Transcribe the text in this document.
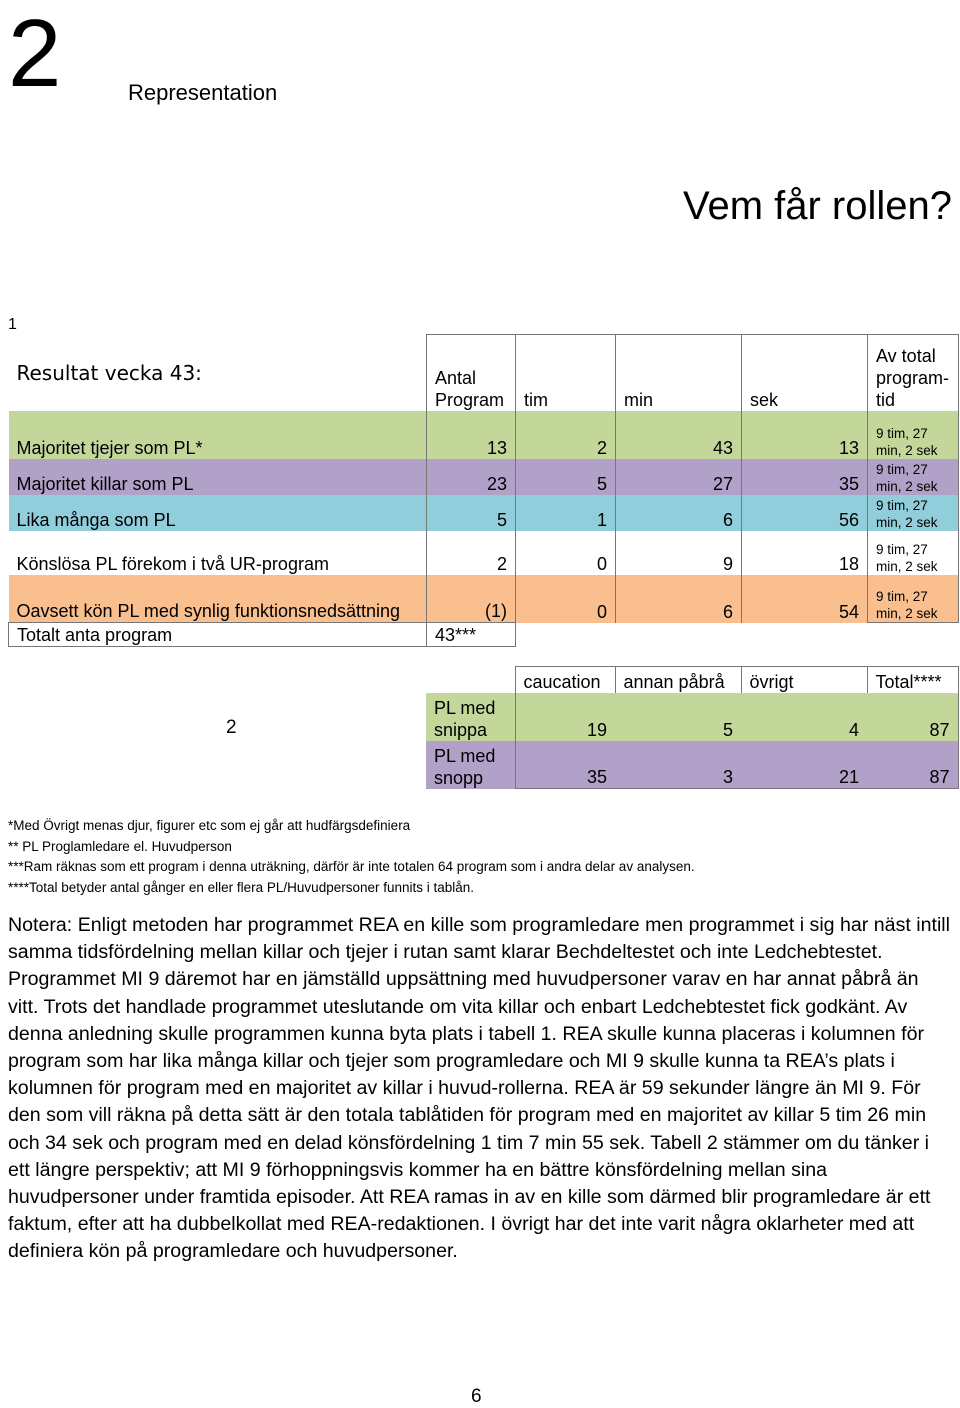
2	Representation
Vem får rollen?
1
Resultat vecka 43:	Antal Program	tim	min	sek	Av total program-tid
Majoritet tjejer som PL*	13	2	43	13	9 tim, 27 min, 2 sek
Majoritet killar som PL	23	5	27	35	9 tim, 27 min, 2 sek
Lika många som PL	5	1	6	56	9 tim, 27 min, 2 sek
Könslösa PL förekom i två UR-program	2	0	9	18	9 tim, 27 min, 2 sek
Oavsett kön PL med synlig funktionsnedsättning	(1)	0	6	54	9 tim, 27 min, 2 sek
Totalt anta program	43***				
2
	caucation	annan påbrå	övrigt	Total****
PL med snippa	19	5	4	87
PL med snopp	35	3	21	87
*Med Övrigt menas djur, figurer etc som ej går att hudfärgsdefiniera
** PL Proglamledare el. Huvudperson
***Ram räknas som ett program i denna uträkning, därför är inte totalen 64 program som i andra delar av analysen.
****Total betyder antal gånger en eller flera PL/Huvudpersoner funnits i tablån.
Notera: Enligt metoden har programmet REA en kille som programledare men programmet i sig har näst intill samma tidsfördelning mellan killar och tjejer i rutan samt klarar Bechdeltestet och inte Ledchebtestet. Programmet MI 9 däremot har en jämställd uppsättning med huvudpersoner varav en har annat påbrå än vitt. Trots det handlade programmet uteslutande om vita killar och enbart Ledchebtestet fick godkänt. Av denna anledning skulle programmen kunna byta plats i tabell 1. REA skulle kunna placeras i kolumnen för program som har lika många killar och tjejer som programledare och MI 9 skulle kunna ta REA’s plats i kolumnen för program med en majoritet av killar i huvud-rollerna. REA är 59 sekunder längre än MI 9. För den som vill räkna på detta sätt är den totala tablåtiden för program med en majoritet av killar 5 tim 26 min och 34 sek och program med en delad könsfördelning 1 tim 7 min 55 sek. Tabell 2 stämmer om du tänker i ett längre perspektiv; att MI 9 förhoppningsvis kommer ha en bättre könsfördelning mellan sina huvudpersoner under framtida episoder. Att REA ramas in av en kille som därmed blir programledare är ett faktum, efter att ha dubbelkollat med REA-redaktionen. I övrigt har det inte varit några oklarheter med att definiera kön på programledare och huvudpersoner.
6
